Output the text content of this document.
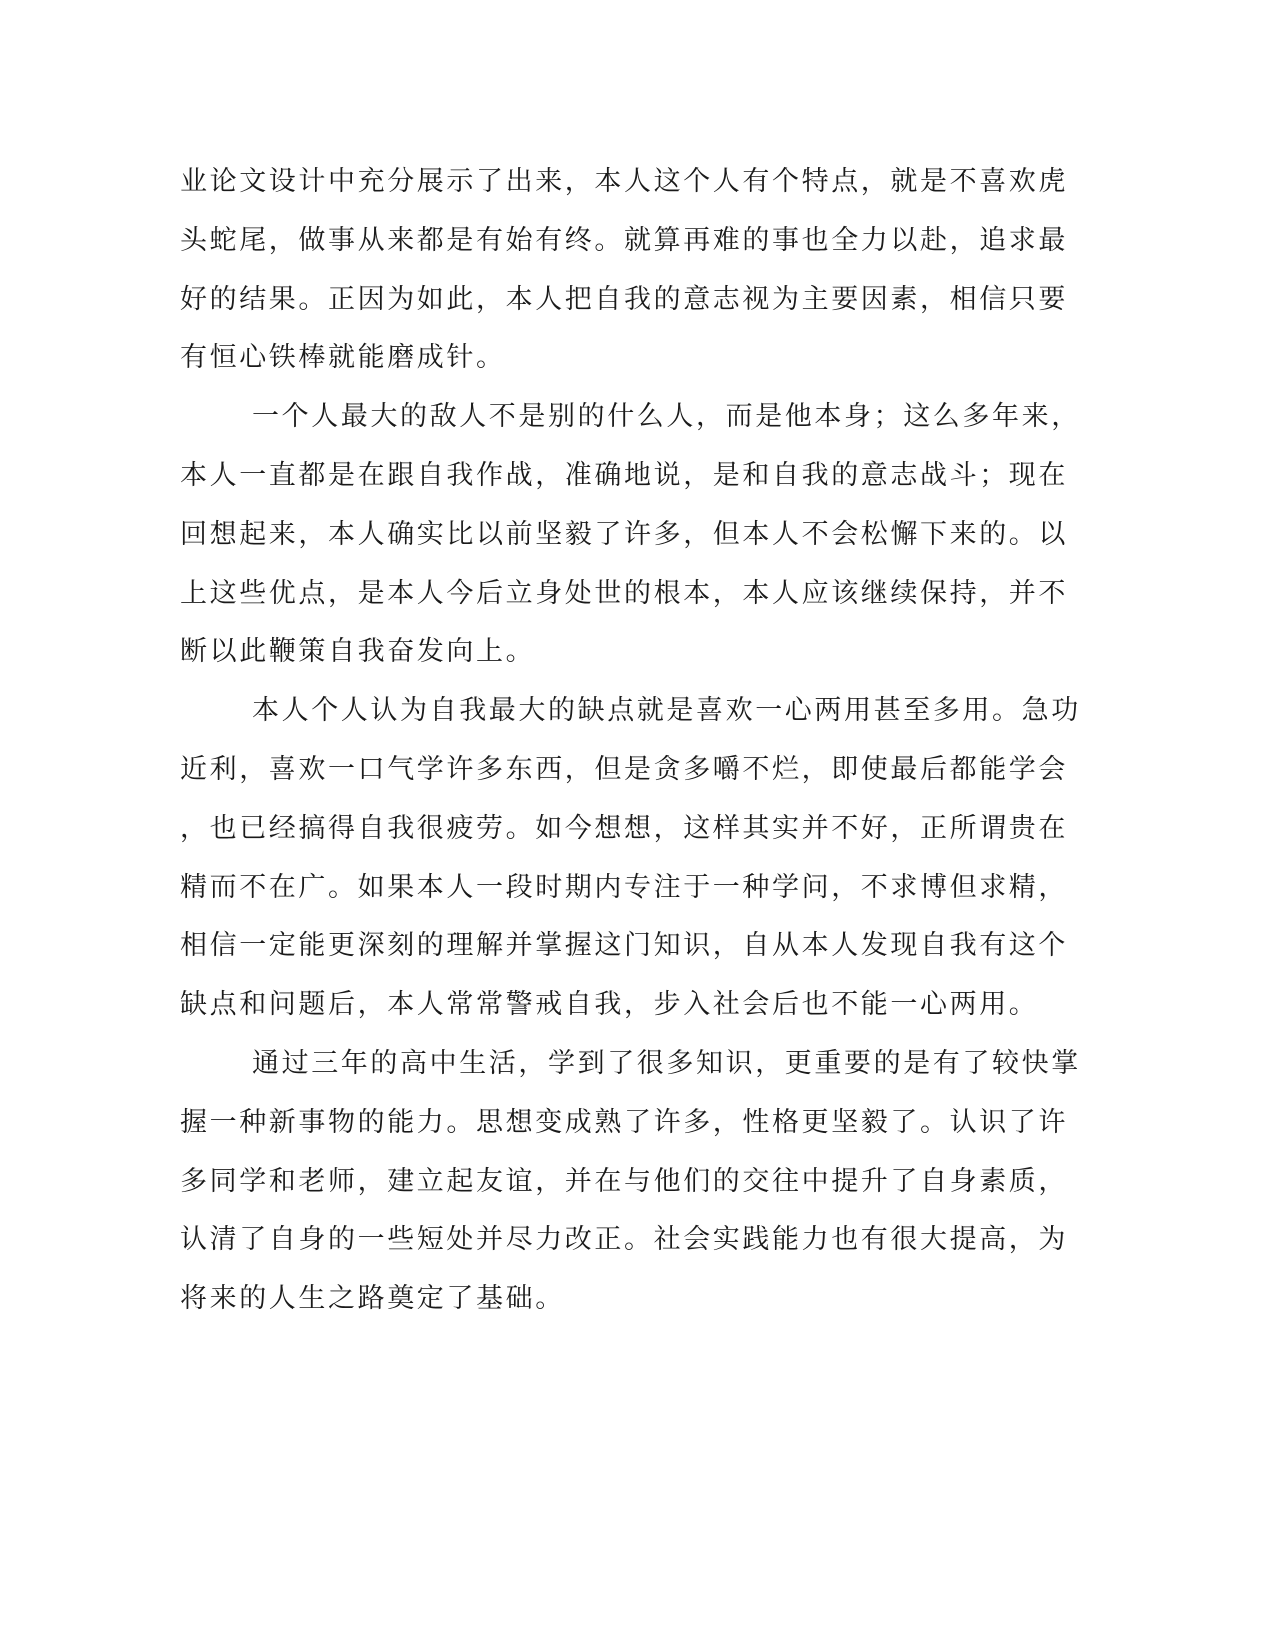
业论文设计中充分展示了出来，本人这个人有个特点，就是不喜欢虎
头蛇尾，做事从来都是有始有终。就算再难的事也全力以赴，追求最
好的结果。正因为如此，本人把自我的意志视为主要因素，相信只要
有恒心铁棒就能磨成针。
一个人最大的敌人不是别的什么人，而是他本身；这么多年来，
本人一直都是在跟自我作战，准确地说，是和自我的意志战斗；现在
回想起来，本人确实比以前坚毅了许多，但本人不会松懈下来的。以
上这些优点，是本人今后立身处世的根本，本人应该继续保持，并不
断以此鞭策自我奋发向上。
本人个人认为自我最大的缺点就是喜欢一心两用甚至多用。急功
近利，喜欢一口气学许多东西，但是贪多嚼不烂，即使最后都能学会
，也已经搞得自我很疲劳。如今想想，这样其实并不好，正所谓贵在
精而不在广。如果本人一段时期内专注于一种学问，不求博但求精，
相信一定能更深刻的理解并掌握这门知识，自从本人发现自我有这个
缺点和问题后，本人常常警戒自我，步入社会后也不能一心两用。
通过三年的高中生活，学到了很多知识，更重要的是有了较快掌
握一种新事物的能力。思想变成熟了许多，性格更坚毅了。认识了许
多同学和老师，建立起友谊，并在与他们的交往中提升了自身素质，
认清了自身的一些短处并尽力改正。社会实践能力也有很大提高，为
将来的人生之路奠定了基础。
